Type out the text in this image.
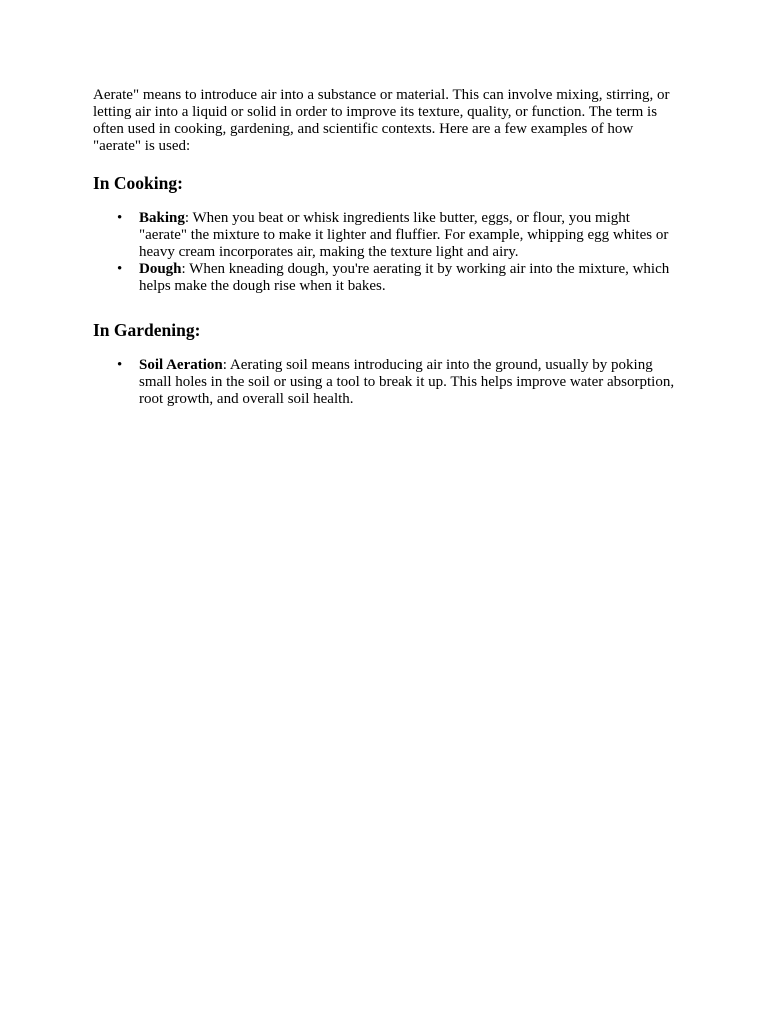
Aerate" means to introduce air into a substance or material. This can involve mixing, stirring, or letting air into a liquid or solid in order to improve its texture, quality, or function. The term is often used in cooking, gardening, and scientific contexts. Here are a few examples of how "aerate" is used:

In Cooking:
• Baking: When you beat or whisk ingredients like butter, eggs, or flour, you might "aerate" the mixture to make it lighter and fluffier. For example, whipping egg whites or heavy cream incorporates air, making the texture light and airy.
• Dough: When kneading dough, you're aerating it by working air into the mixture, which helps make the dough rise when it bakes.
In Gardening:
• Soil Aeration: Aerating soil means introducing air into the ground, usually by poking small holes in the soil or using a tool to break it up. This helps improve water absorption, root growth, and overall soil health.
